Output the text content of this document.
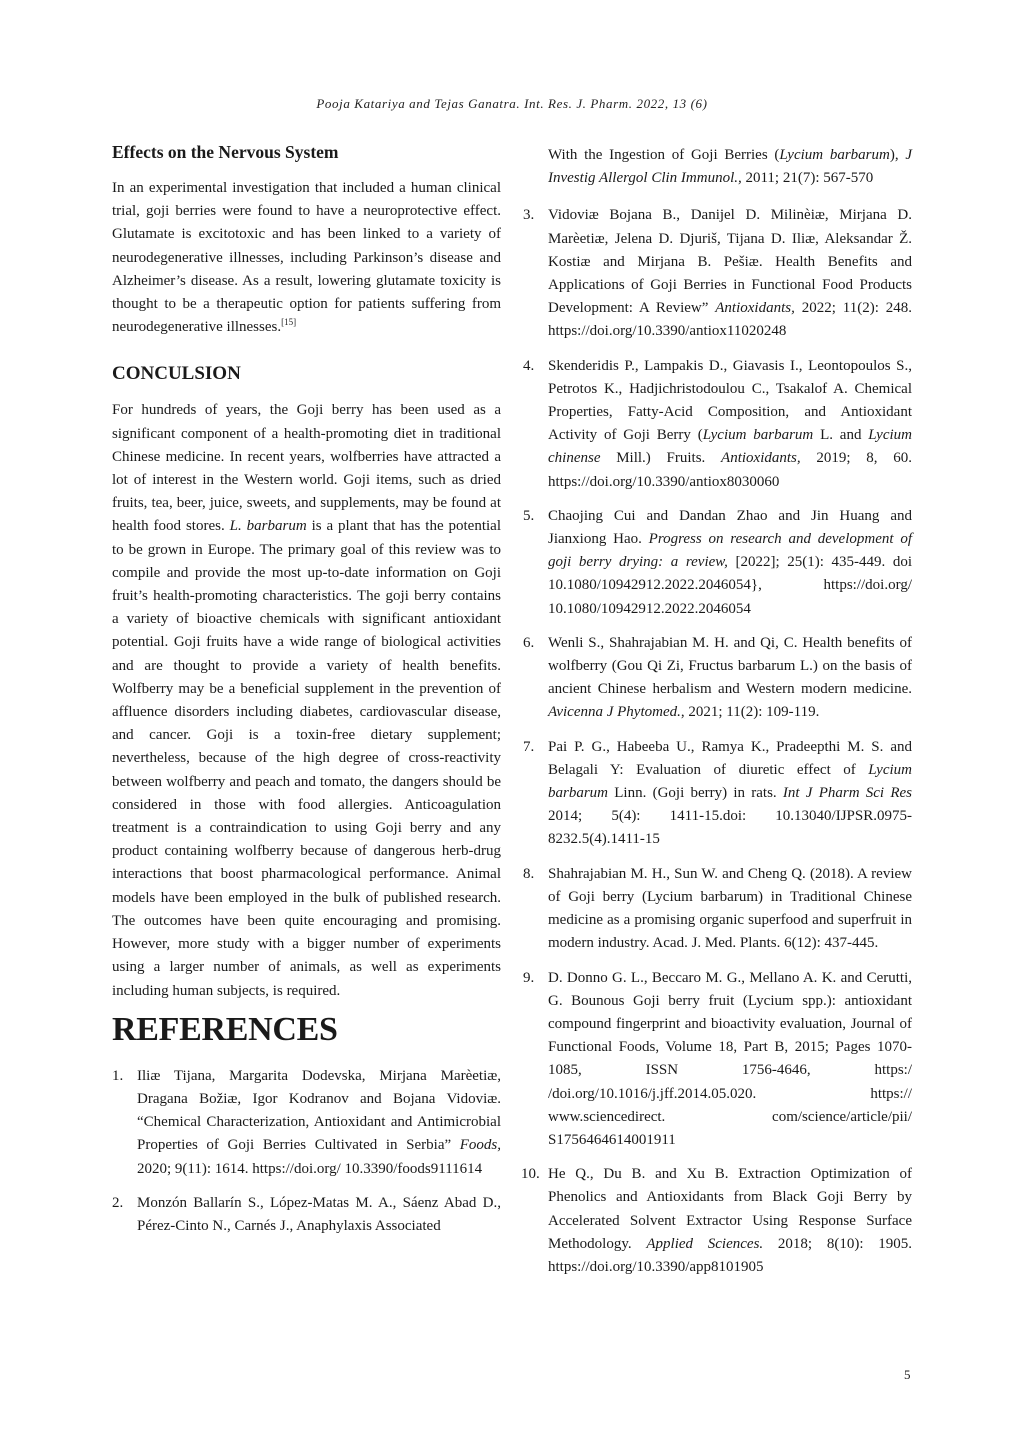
Pooja Katariya and Tejas Ganatra. Int. Res. J. Pharm. 2022, 13 (6)
Effects on the Nervous System

In an experimental investigation that included a human clinical trial, goji berries were found to have a neuroprotective effect. Glutamate is excitotoxic and has been linked to a variety of neurodegenerative illnesses, including Parkinson’s disease and Alzheimer’s disease. As a result, lowering glutamate toxicity is thought to be a therapeutic option for patients suffering from neurodegenerative illnesses.[15]

CONCULSION

For hundreds of years, the Goji berry has been used as a significant component of a health-promoting diet in traditional Chinese medicine. In recent years, wolfberries have attracted a lot of interest in the Western world. Goji items, such as dried fruits, tea, beer, juice, sweets, and supplements, may be found at health food stores. L. barbarum is a plant that has the potential to be grown in Europe. The primary goal of this review was to compile and provide the most up-to-date information on Goji fruit’s health-promoting characteristics. The goji berry contains a variety of bioactive chemicals with significant antioxidant potential. Goji fruits have a wide range of biological activities and are thought to provide a variety of health benefits. Wolfberry may be a beneficial supplement in the prevention of affluence disorders including diabetes, cardiovascular disease, and cancer. Goji is a toxin-free dietary supplement; nevertheless, because of the high degree of cross-reactivity between wolfberry and peach and tomato, the dangers should be considered in those with food allergies. Anticoagulation treatment is a contraindication to using Goji berry and any product containing wolfberry because of dangerous herb-drug interactions that boost pharmacological performance. Animal models have been employed in the bulk of published research. The outcomes have been quite encouraging and promising. However, more study with a bigger number of experiments using a larger number of animals, as well as experiments including human subjects, is required.

REFERENCES
1. Iliæ Tijana, Margarita Dodevska, Mirjana Marèetiæ, Dragana Božiæ, Igor Kodranov and Bojana Vidoviæ. “Chemical Characterization, Antioxidant and Antimicrobial Properties of Goji Berries Cultivated in Serbia” Foods, 2020; 9(11): 1614. https://doi.org/ 10.3390/foods9111614
2. Monzón Ballarín S., López-Matas M. A., Sáenz Abad D., Pérez-Cinto N., Carnés J., Anaphylaxis Associated
With the Ingestion of Goji Berries (Lycium barbarum), J Investig Allergol Clin Immunol., 2011; 21(7): 567-570
3. Vidoviæ Bojana B., Danijel D. Milinèiæ, Mirjana D. Marèetiæ, Jelena D. Djuriš, Tijana D. Iliæ, Aleksandar Ž. Kostiæ and Mirjana B. Pešiæ. Health Benefits and Applications of Goji Berries in Functional Food Products Development: A Review” Antioxidants, 2022; 11(2): 248. https://doi.org/10.3390/antiox11020248
4. Skenderidis P., Lampakis D., Giavasis I., Leontopoulos S., Petrotos K., Hadjichristodoulou C., Tsakalof A. Chemical Properties, Fatty-Acid Composition, and Antioxidant Activity of Goji Berry (Lycium barbarum L. and Lycium chinense Mill.) Fruits. Antioxidants, 2019; 8, 60. https://doi.org/10.3390/antiox8030060
5. Chaojing Cui and Dandan Zhao and Jin Huang and Jianxiong Hao. Progress on research and development of goji berry drying: a review, [2022]; 25(1): 435-449. doi 10.1080/10942912.2022.2046054}, https://doi.org/ 10.1080/10942912.2022.2046054
6. Wenli S., Shahrajabian M. H. and Qi, C. Health benefits of wolfberry (Gou Qi Zi, Fructus barbarum L.) on the basis of ancient Chinese herbalism and Western modern medicine. Avicenna J Phytomed., 2021; 11(2): 109-119.
7. Pai P. G., Habeeba U., Ramya K., Pradeepthi M. S. and Belagali Y: Evaluation of diuretic effect of Lycium barbarum Linn. (Goji berry) in rats. Int J Pharm Sci Res 2014; 5(4): 1411-15.doi: 10.13040/IJPSR.0975-8232.5(4).1411-15
8. Shahrajabian M. H., Sun W. and Cheng Q. (2018). A review of Goji berry (Lycium barbarum) in Traditional Chinese medicine as a promising organic superfood and superfruit in modern industry. Acad. J. Med. Plants. 6(12): 437-445.
9. D. Donno G. L., Beccaro M. G., Mellano A. K. and Cerutti, G. Bounous Goji berry fruit (Lycium spp.): antioxidant compound fingerprint and bioactivity evaluation, Journal of Functional Foods, Volume 18, Part B, 2015; Pages 1070-1085, ISSN 1756-4646, https:/ /doi.org/10.1016/j.jff.2014.05.020. https:// www.sciencedirect. com/science/article/pii/ S1756464614001911
10. He Q., Du B. and Xu B. Extraction Optimization of Phenolics and Antioxidants from Black Goji Berry by Accelerated Solvent Extractor Using Response Surface Methodology. Applied Sciences. 2018; 8(10): 1905. https://doi.org/10.3390/app8101905
5
